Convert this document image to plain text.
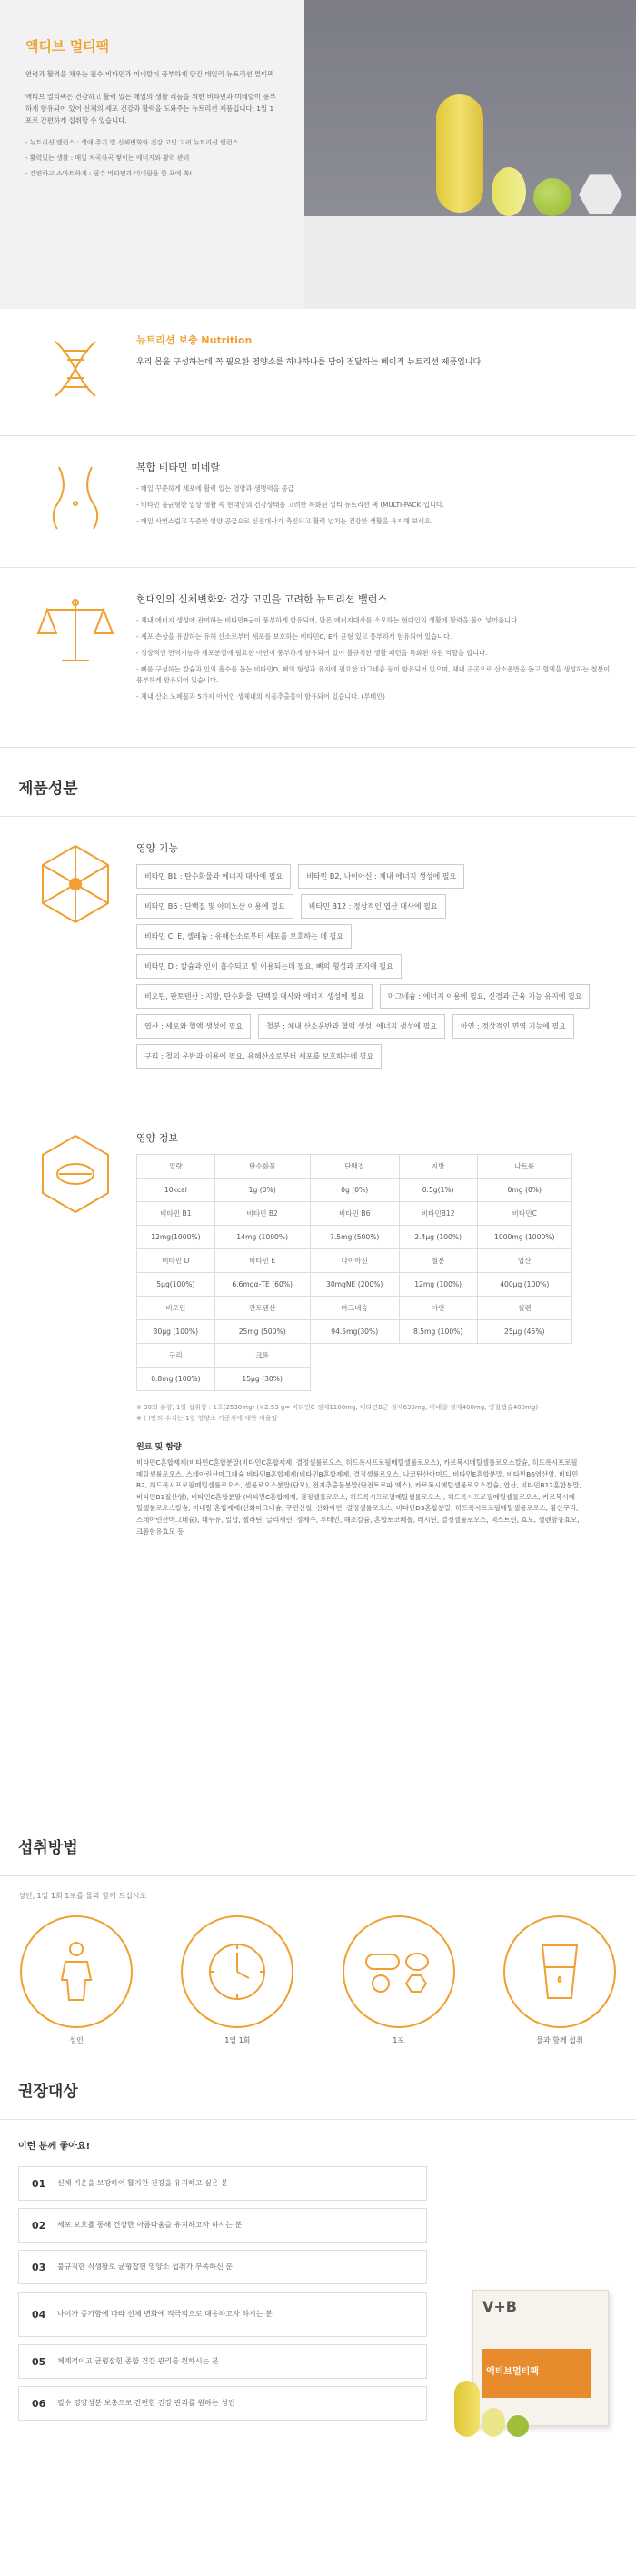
액티브 멀티팩

연령과 활력을 채우는 필수 비타민과 미네랄이 풍부하게 담긴 데일리 뉴트리션 멀티팩

액티브 멀티팩은 건강하고 활력 있는 매일의 생활 리듬을 위한 비타민과 미네랄이 풍부하게 함유되어 있어 신체의 세포 건강과 활력을 도와주는 뉴트리션 제품입니다. 1일 1포로 간편하게 섭취할 수 있습니다.

- 뉴트리션 밸런스 : 생애 주기 별 신체변화와 건강 고민 고려 뉴트리션 밸런스

- 활력있는 생활 : 매일 차곡차곡 쌓이는 에너지와 활력 관리

- 간편하고 스마트하게 : 필수 비타민과 미네랄을 한 포에 쏙!

뉴트리션 보충 Nutrition
우리 몸을 구성하는데 꼭 필요한 영양소를 하나하나를 담아 전달하는 베이직 뉴트리션 제품입니다.
복합 비타민 미네랄

- 매일 꾸준하게 세포에 활력 있는 영양과 생명력을 공급

- 비타민 불균형한 일상 생활 속 현대인의 건강상태를 고려한 특화된 멀티 뉴트리션 팩 (MULTI-PACK)입니다.

- 매일 사연스럽고 꾸준한 영양 공급으로 신진대사가 촉진되고 활력 넘치는 건강한 생활을 유지해 보세요.

현대인의 신체변화와 건강 고민을 고려한 뉴트리션 밸런스

- 체내 에너지 생성에 관여하는 비타민B군이 풍부하게 함유되어, 많은 에너지대사를 소모하는 현대인의 생활에 활력을 불어 넣어줍니다.

- 세포 손상을 유발하는 유해 산소로부터 세포를 보호하는 비타민C, E가 균형 있고 풍부하게 함유되어 있습니다.

- 정상적인 면역기능과 세포분열에 필요한 아연이 풍부하게 함유되어 있어 불규칙한 생활 패턴을 특화된 차원 역할을 합니다.

- 뼈를 구성하는 칼슘과 인의 흡수를 돕는 비타민D, 뼈의 형성과 유지에 필요한 마그네슘 등이 함유되어 있으며, 체내 곳곳으로 산소운반을 돕고 혈액을 생성하는 철분이 풍부하게 함유되어 있습니다.

- 체내 산소 노폐물과 5가지 아서인 생체내의 식물추출물이 함유되어 있습니다. (루테인)

제품성분
영양 기능
비타민 B1 : 탄수화물과 에너지 대사에 필요	비타민 B2, 나이아신 : 체내 에너지 생성에 필요
비타민 B6 : 단백질 및 아미노산 이용에 필요	비타민 B12 : 정상적인 엽산 대사에 필요
비타민 C, E, 셀레늄 : 유해산소로부터 세포를 보호하는 데 필요
비타민 D : 칼슘과 인이 흡수되고 및 이용되는데 필요, 뼈의 형성과 조지에 필요
비오틴, 판토텐산 : 지방, 탄수화물, 단백질 대사와 에너지 생성에 필요	마그네슘 : 에너지 이용에 필요, 신경과 근육 기능 유지에 필요
엽산 : 세포와 혈액 생성에 필요	철분 : 체내 산소운반과 혈액 생성, 에너지 생성에 필요	아연 : 정상적인 면역 기능에 필요
구리 : 철의 운반과 이용에 필요, 유해산소로부터 세포를 보호하는데 필요
영양 정보
열량	탄수화물	단백질	지방	나트륨
10kcal	1g (0%)	0g (0%)	0.5g(1%)	0mg (0%)
비타민 B1	비타민 B2	비타민 B6	비타민B12	비타민C
12mg(1000%)	14mg (1000%)	7.5mg (500%)	2.4μg (100%)	1000mg (1000%)
비타민 D	비타민 E	나이아신	철분	엽산
5μg(100%)	6.6mgα-TE (60%)	30mgNE (200%)	12mg (100%)	400μg (100%)
비오틴	판토텐산	마그네슘	아연	셀렌
30μg (100%)	25mg (500%)	94.5mg(30%)	8.5mg (100%)	25μg (45%)
구리	크롬			
0.8mg (100%)	15μg (30%)			
※ 30회 분량, 1일 섭취량 : 1포(2530mg) (※2.53 g= 비타민C 정제1100mg, 비타민B군 정제630mg, 미네랄 정제400mg, 연질캡슐400mg)
※ ( )안의 수치는 1일 영양소 기준치에 대한 비율임
원료 및 함량
비타민C혼합제제(비타민C혼합분말(비타민C혼합제제, 결정셀룰로오스, 히드록시프로필메틸셀룰로오스), 카르복시메틸셀룰로오스칼슘, 히드록시프로필메틸셀룰로오스, 스테아린산마그네슘 비타민B혼합제제(비타민B혼합제제, 결정셀룰로오스, 나코틴산아미드, 비타민E혼합분말, 비타민B6염산염, 비타민B2, 히드록시프로필메틸셀룰로오스, 셀룰로오스분말(단모), 전지추출물분말(단전트로파 엑스), 카르복시메틸셀룰로오스칼슘, 엽산, 비타민B12혼합분말, 비타민B1질산염), 비타민C혼합분말 (비타민C혼합제제, 결정셀룰로오스, 히드록시프로필메틸셀룰로오스), 히드록시프로필메틸셀룰로오스, 카르복시메틸셀룰로오스칼슘, 미네랄 혼합제제(산화마그네슘, 구연산철, 산화아연, 결정셀룰로오스, 비타민D3혼합분말, 히드록시프로필메틸셀룰로오스, 황산구리, 스테아린산마그네슘), 대두유, 밀납, 젤라틴, 글리세린, 정제수, 루테인, 해조칼슘, 혼합토코페롤, 레시틴, 결정셀룰로오스, 덱스트린, 효모, 셀렌함유효모, 크롬함유효모 등
섭취방법
성인, 1일 1회 1포를 물과 함께 드십시오
성인	1일 1회	1포	물과 함께 섭취
권장대상
이런 분께 좋아요!
01	신체 기운을 보강하여 활기찬 건강을 유지하고 싶은 분
02	세포 보호를 통해 건강한 아름다움을 유지하고자 하시는 분
03	불규칙한 식생활로 균형잡힌 영양소 섭취가 부족하신 분
04	나이가 증가함에 따라 신체 변화에 적극적으로 대응하고자 하시는 분
05	체계적이고 균형잡힌 종합 건강 관리를 원하시는 분
06	필수 영양성분 보충으로 간편한 건강 관리를 원하는 성인
V+B
액티브멀티팩
